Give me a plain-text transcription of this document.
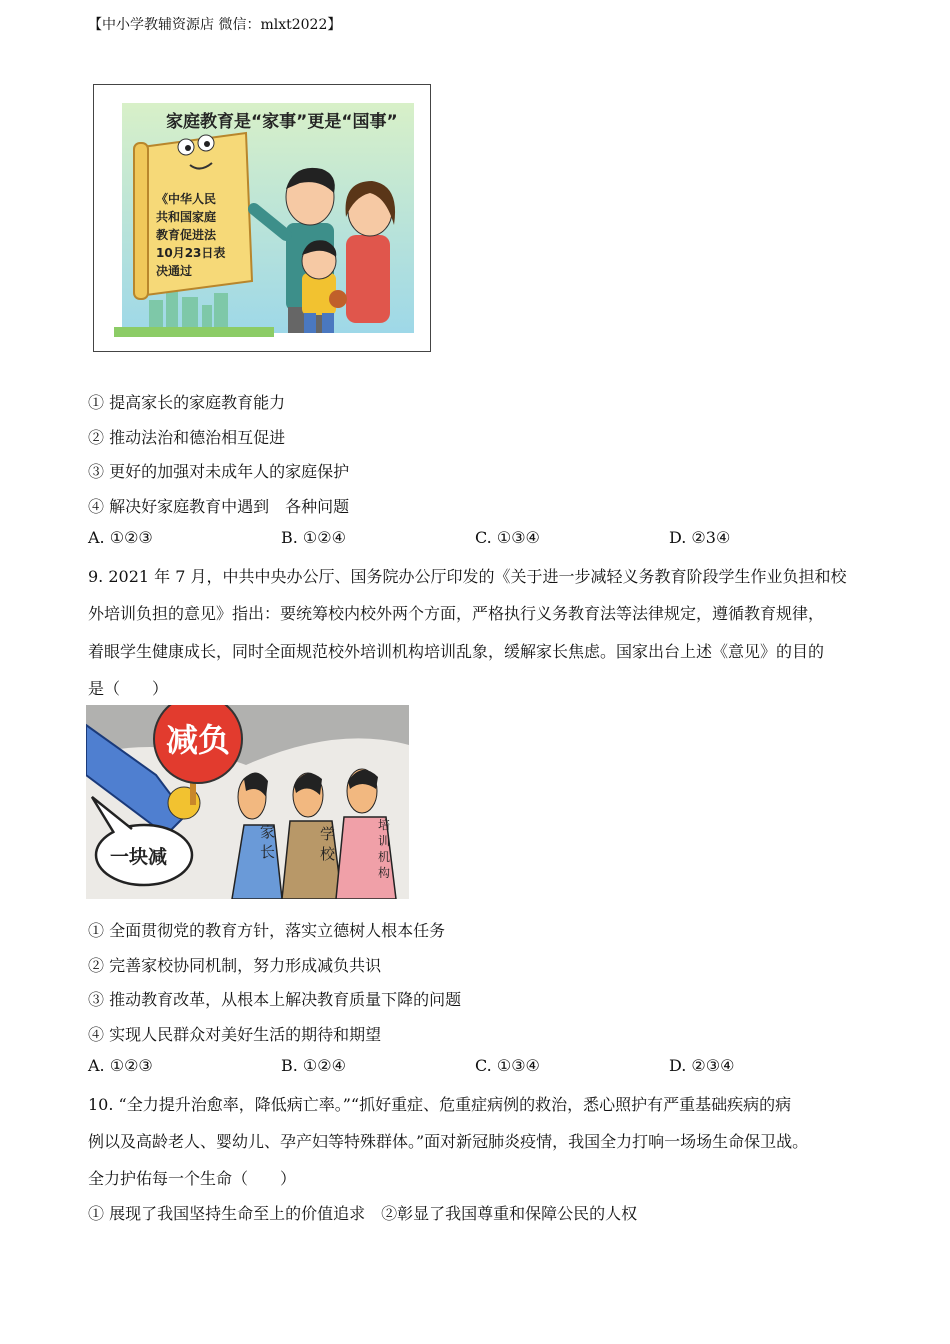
【中小学教辅资源店 微信：mlxt2022】
《中华人民
共和国家庭
教育促进法
10月23日表
决通过
家庭教育是“家事”更是“国事”
① 提高家长的家庭教育能力
② 推动法治和德治相互促进
③ 更好的加强对未成年人的家庭保护
④ 解决好家庭教育中遇到　各种问题
A. ①②③	B. ①②④	C. ①③④	D. ②3④
9. 2021 年 7 月，中共中央办公厅、国务院办公厅印发的《关于进一步减轻义务教育阶段学生作业负担和校
外培训负担的意见》指出：要统筹校内校外两个方面，严格执行义务教育法等法律规定，遵循教育规律，
着眼学生健康成长，同时全面规范校外培训机构培训乱象，缓解家长焦虑。国家出台上述《意见》的目的
是（　　）
减负
一块减
家
长
学
校
培
训
机
构
① 全面贯彻党的教育方针，落实立德树人根本任务
② 完善家校协同机制，努力形成减负共识
③ 推动教育改革，从根本上解决教育质量下降的问题
④ 实现人民群众对美好生活的期待和期望
A. ①②③	B. ①②④	C. ①③④	D. ②③④
10. “全力提升治愈率，降低病亡率。”“抓好重症、危重症病例的救治，悉心照护有严重基础疾病的病
例以及高龄老人、婴幼儿、孕产妇等特殊群体。”面对新冠肺炎疫情，我国全力打响一场场生命保卫战。
全力护佑每一个生命（　　）
① 展现了我国坚持生命至上的价值追求　②彰显了我国尊重和保障公民的人权
